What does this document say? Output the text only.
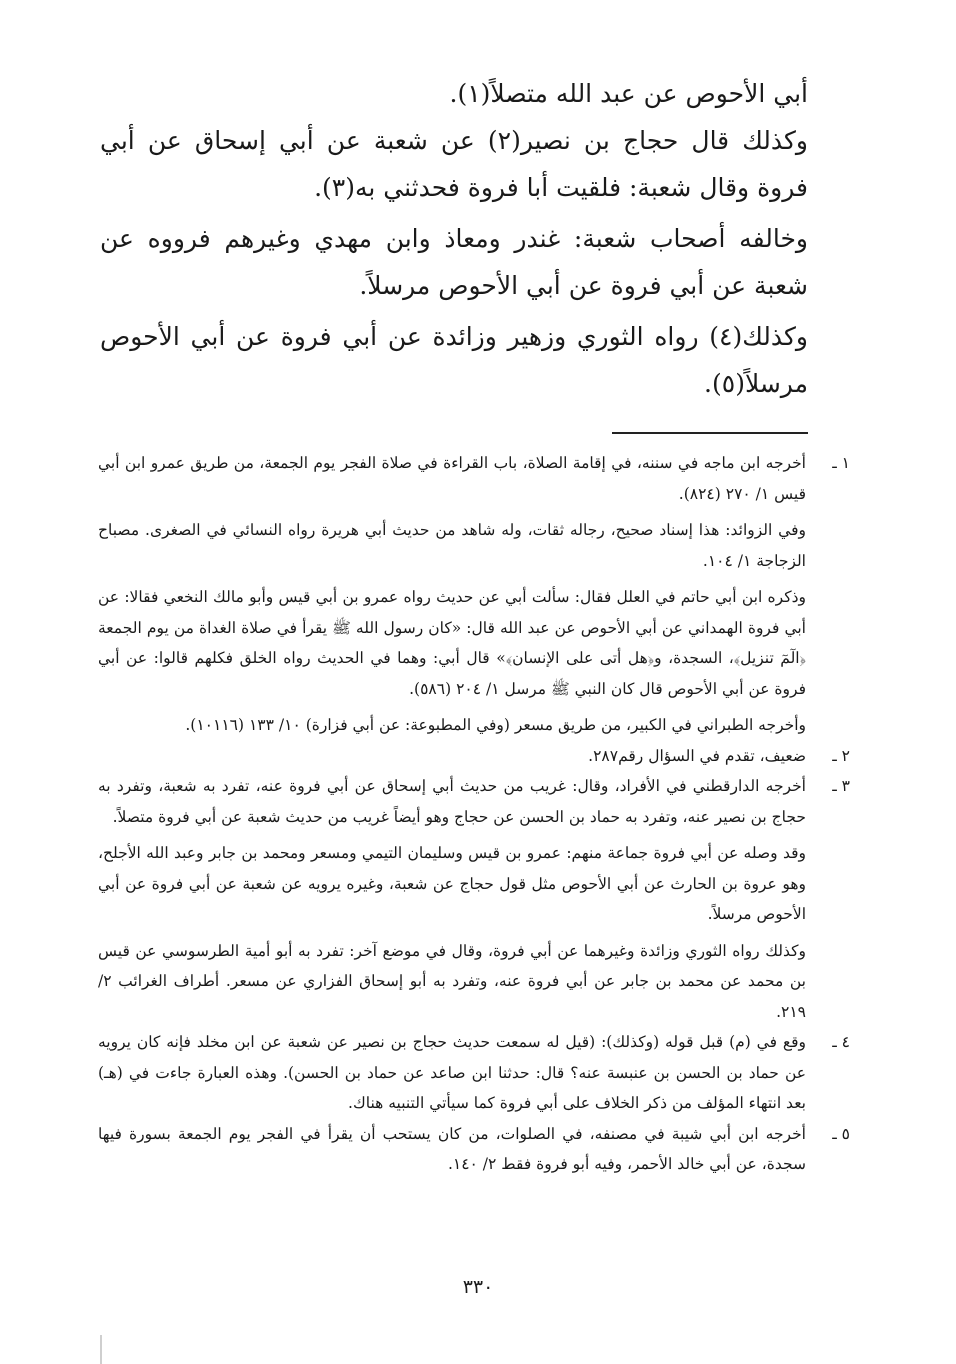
أبي الأحوص عن عبد الله متصلاً(١).

وكذلك قال حجاج بن نصير(٢) عن شعبة عن أبي إسحاق عن أبي فروة وقال شعبة: فلقيت أبا فروة فحدثني به(٣).

وخالفه أصحاب شعبة: غندر ومعاذ وابن مهدي وغيرهم فرووه عن شعبة عن أبي فروة عن أبي الأحوص مرسلاً.

وكذلك(٤) رواه الثوري وزهير وزائدة عن أبي فروة عن أبي الأحوص مرسلاً(٥).

١ ـ

أخرجه ابن ماجه في سننه، في إقامة الصلاة، باب القراءة في صلاة الفجر يوم الجمعة، من طريق عمرو ابن أبي قيس ١/ ٢٧٠ (٨٢٤).

وفي الزوائد: هذا إسناد صحيح، رجاله ثقات، وله شاهد من حديث أبي هريرة رواه النسائي في الصغرى. مصباح الزجاجة ١/ ١٠٤.

وذكره ابن أبي حاتم في العلل فقال: سألت أبي عن حديث رواه عمرو بن أبي قيس وأبو مالك النخعي فقالا: عن أبي فروة الهمداني عن أبي الأحوص عن عبد الله قال: «كان رسول الله ﷺ يقرأ في صلاة الغداة من يوم الجمعة ﴿الٓمٓ تنزيل﴾، السجدة، و﴿هل أتى على الإنسان﴾» قال أبي: وهما في الحديث رواه الخلق فكلهم قالوا: عن أبي فروة عن أبي الأحوص قال كان النبي ﷺ مرسل ١/ ٢٠٤ (٥٨٦).

وأخرجه الطبراني في الكبير، من طريق مسعر (وفي المطبوعة: عن أبي فزارة) ١٠/ ١٣٣ (١٠١١٦).

٢ ـ

ضعيف، تقدم في السؤال رقم٢٨٧.

٣ ـ

أخرجه الدارقطني في الأفراد، وقال: غريب من حديث أبي إسحاق عن أبي فروة عنه، تفرد به شعبة، وتفرد به حجاج بن نصير عنه، وتفرد به حماد بن الحسن عن حجاج وهو أيضاً غريب من حديث شعبة عن أبي فروة متصلاً.

وقد وصله عن أبي فروة جماعة منهم: عمرو بن قيس وسليمان التيمي ومسعر ومحمد بن جابر وعبد الله الأجلح، وهو عروة بن الحارث عن أبي الأحوص مثل قول حجاج عن شعبة، وغيره يرويه عن شعبة عن أبي فروة عن أبي الأحوص مرسلاً.

وكذلك رواه الثوري وزائدة وغيرهما عن أبي فروة، وقال في موضع آخر: تفرد به أبو أمية الطرسوسي عن قيس بن محمد عن محمد بن جابر عن أبي فروة عنه، وتفرد به أبو إسحاق الفزاري عن مسعر. أطراف الغرائب ٢/ ٢١٩.

٤ ـ

وقع في (م) قبل قوله (وكذلك): (قيل له سمعت حديث حجاج بن نصير عن شعبة عن ابن مخلد فإنه كان يرويه عن حماد بن الحسن بن عنبسة عنه؟ قال: حدثنا ابن صاعد عن حماد بن الحسن). وهذه العبارة جاءت في (هـ) بعد انتهاء المؤلف من ذكر الخلاف على أبي فروة كما سيأتي التنبيه هناك.

٥ ـ

أخرجه ابن أبي شيبة في مصنفه، في الصلوات، من كان يستحب أن يقرأ في الفجر يوم الجمعة بسورة فيها سجدة، عن أبي خالد الأحمر، وفيه أبو فروة فقط ٢/ ١٤٠.

٣٣٠
